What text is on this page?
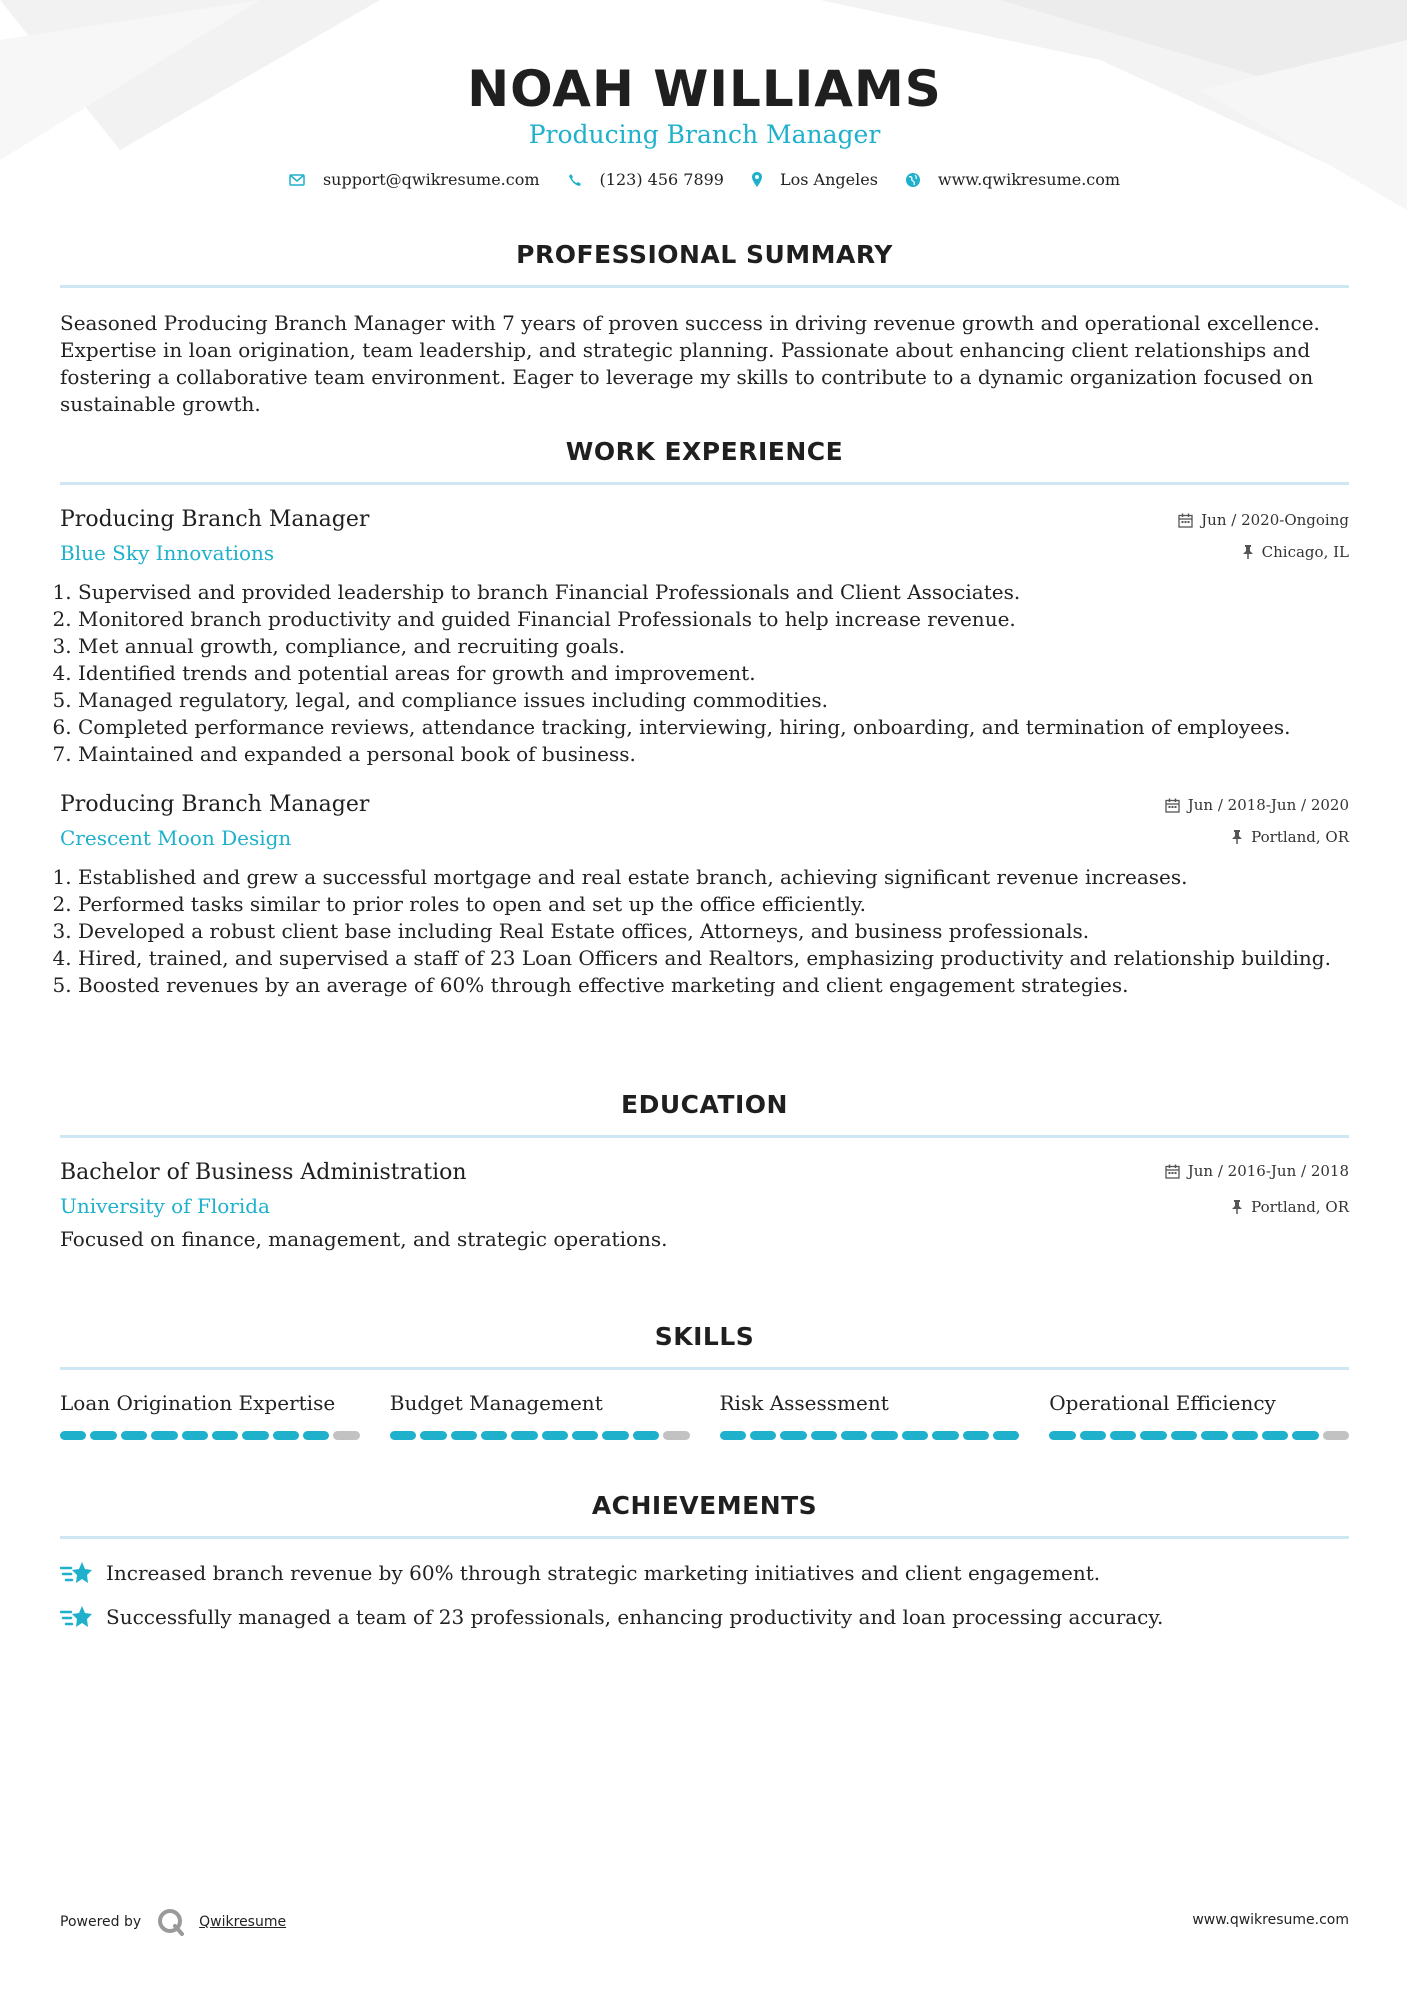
NOAH WILLIAMS
Producing Branch Manager
support@qwikresume.com	(123) 456 7899	Los Angeles	www.qwikresume.com
PROFESSIONAL SUMMARY
Seasoned Producing Branch Manager with 7 years of proven success in driving revenue growth and operational excellence. Expertise in loan origination, team leadership, and strategic planning. Passionate about enhancing client relationships and fostering a collaborative team environment. Eager to leverage my skills to contribute to a dynamic organization focused on sustainable growth.
WORK EXPERIENCE
Producing Branch Manager
Blue Sky Innovations
Jun / 2020-Ongoing
Chicago, IL
1. Supervised and provided leadership to branch Financial Professionals and Client Associates.
2. Monitored branch productivity and guided Financial Professionals to help increase revenue.
3. Met annual growth, compliance, and recruiting goals.
4. Identified trends and potential areas for growth and improvement.
5. Managed regulatory, legal, and compliance issues including commodities.
6. Completed performance reviews, attendance tracking, interviewing, hiring, onboarding, and termination of employees.
7. Maintained and expanded a personal book of business.
Producing Branch Manager
Crescent Moon Design
Jun / 2018-Jun / 2020
Portland, OR
1. Established and grew a successful mortgage and real estate branch, achieving significant revenue increases.
2. Performed tasks similar to prior roles to open and set up the office efficiently.
3. Developed a robust client base including Real Estate offices, Attorneys, and business professionals.
4. Hired, trained, and supervised a staff of 23 Loan Officers and Realtors, emphasizing productivity and relationship building.
5. Boosted revenues by an average of 60% through effective marketing and client engagement strategies.
EDUCATION
Bachelor of Business Administration
University of Florida
Jun / 2016-Jun / 2018
Portland, OR
Focused on finance, management, and strategic operations.
SKILLS
Loan Origination Expertise	Budget Management	Risk Assessment	Operational Efficiency
ACHIEVEMENTS
Increased branch revenue by 60% through strategic marketing initiatives and client engagement.
Successfully managed a team of 23 professionals, enhancing productivity and loan processing accuracy.
Powered by	Qwikresume	www.qwikresume.com
